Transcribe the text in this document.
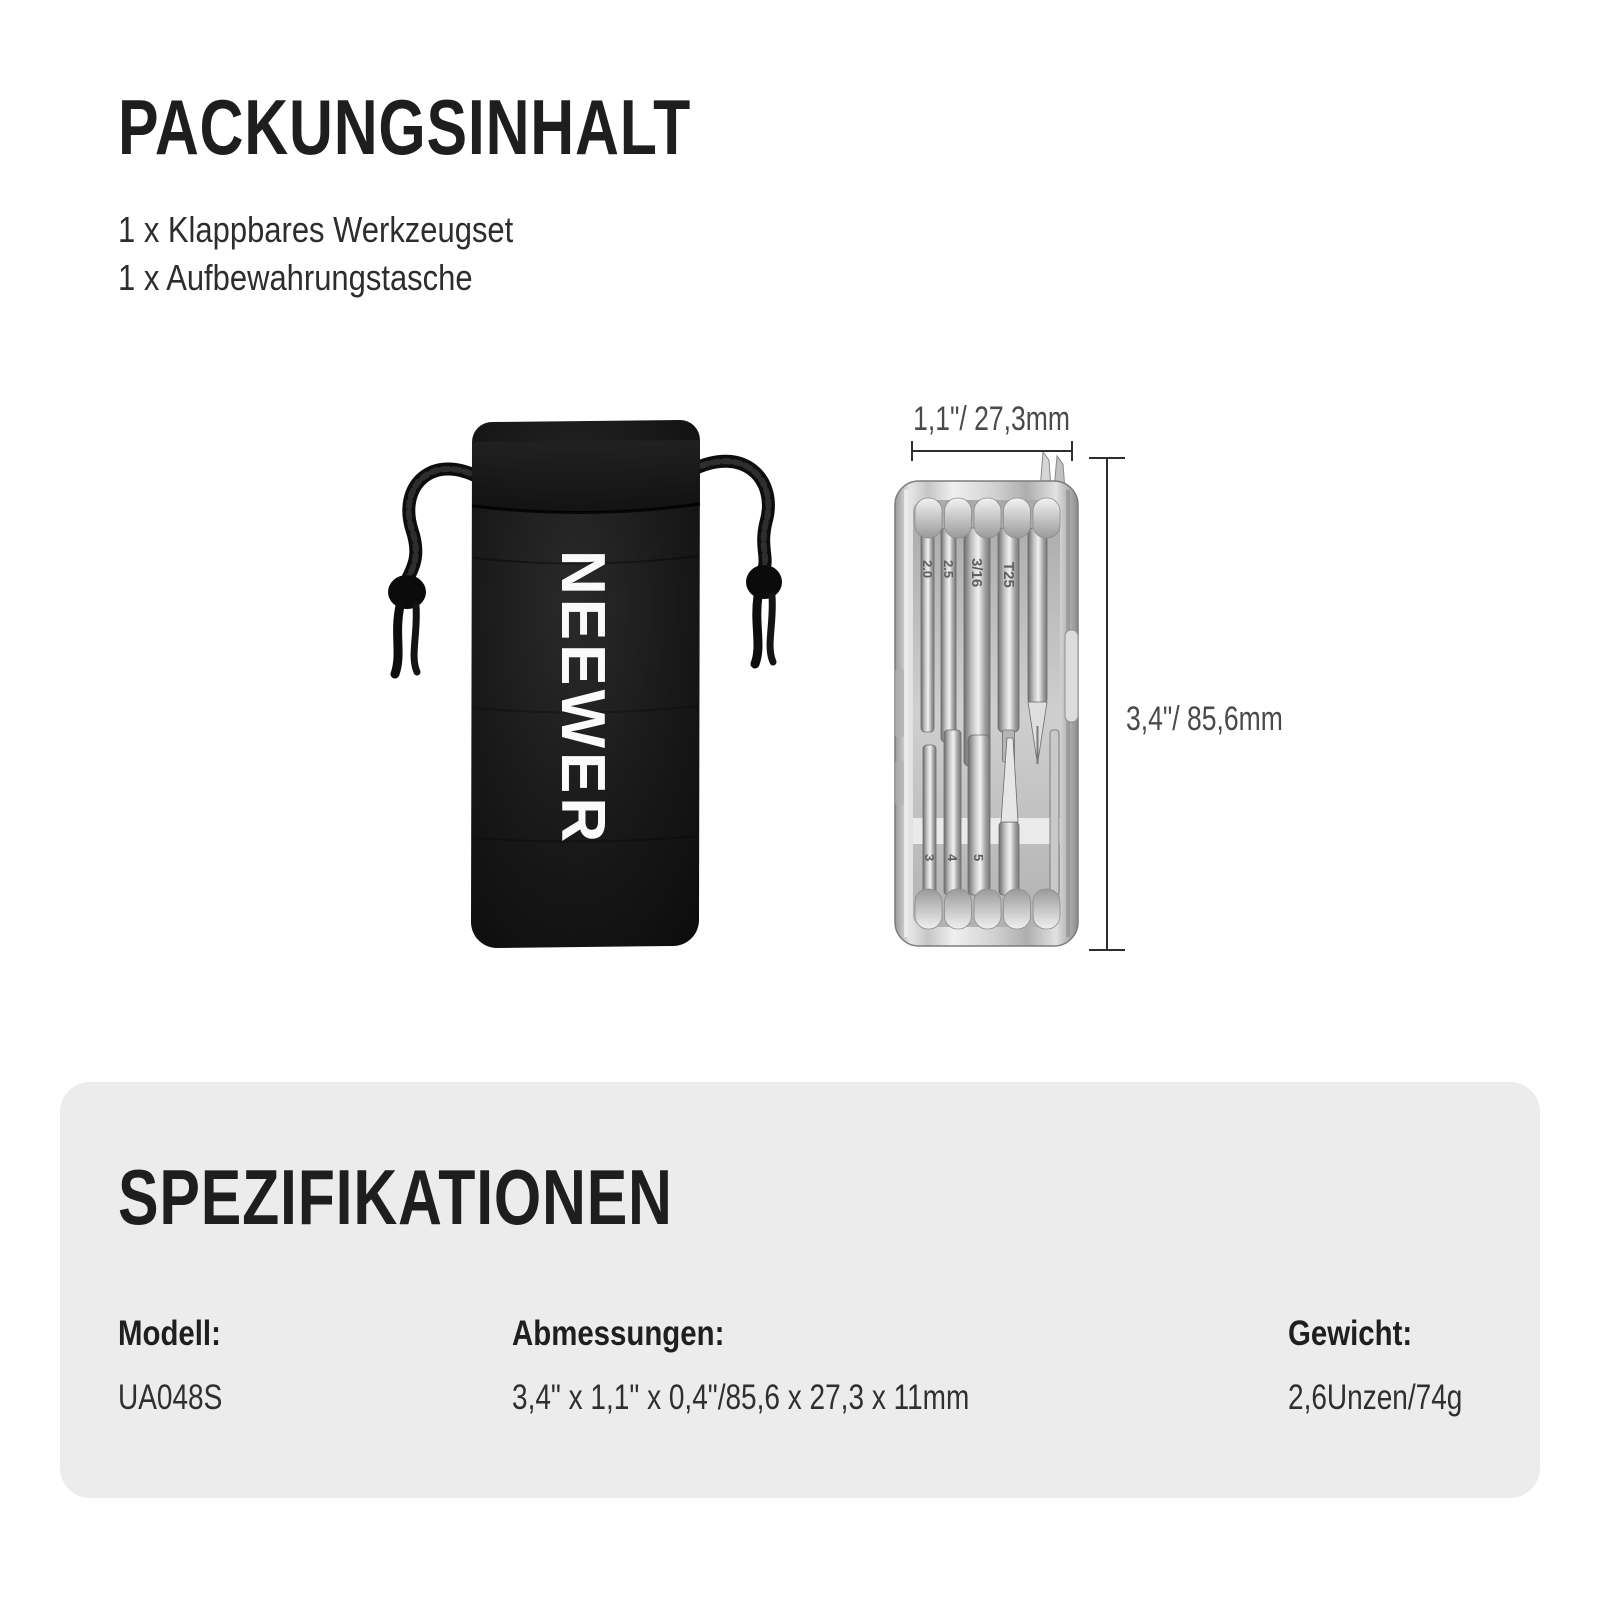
PACKUNGSINHALT
1 x Klappbares Werkzeugset
1 x Aufbewahrungstasche
NEEWER	2.0 2.5 3/16 T25
3 4 5
1,1"/ 27,3mm
3,4"/ 85,6mm
SPEZIFIKATIONEN
Modell:
UA048S
Abmessungen:
3,4" x 1,1" x 0,4"/85,6 x 27,3 x 11mm
Gewicht:
2,6Unzen/74g
